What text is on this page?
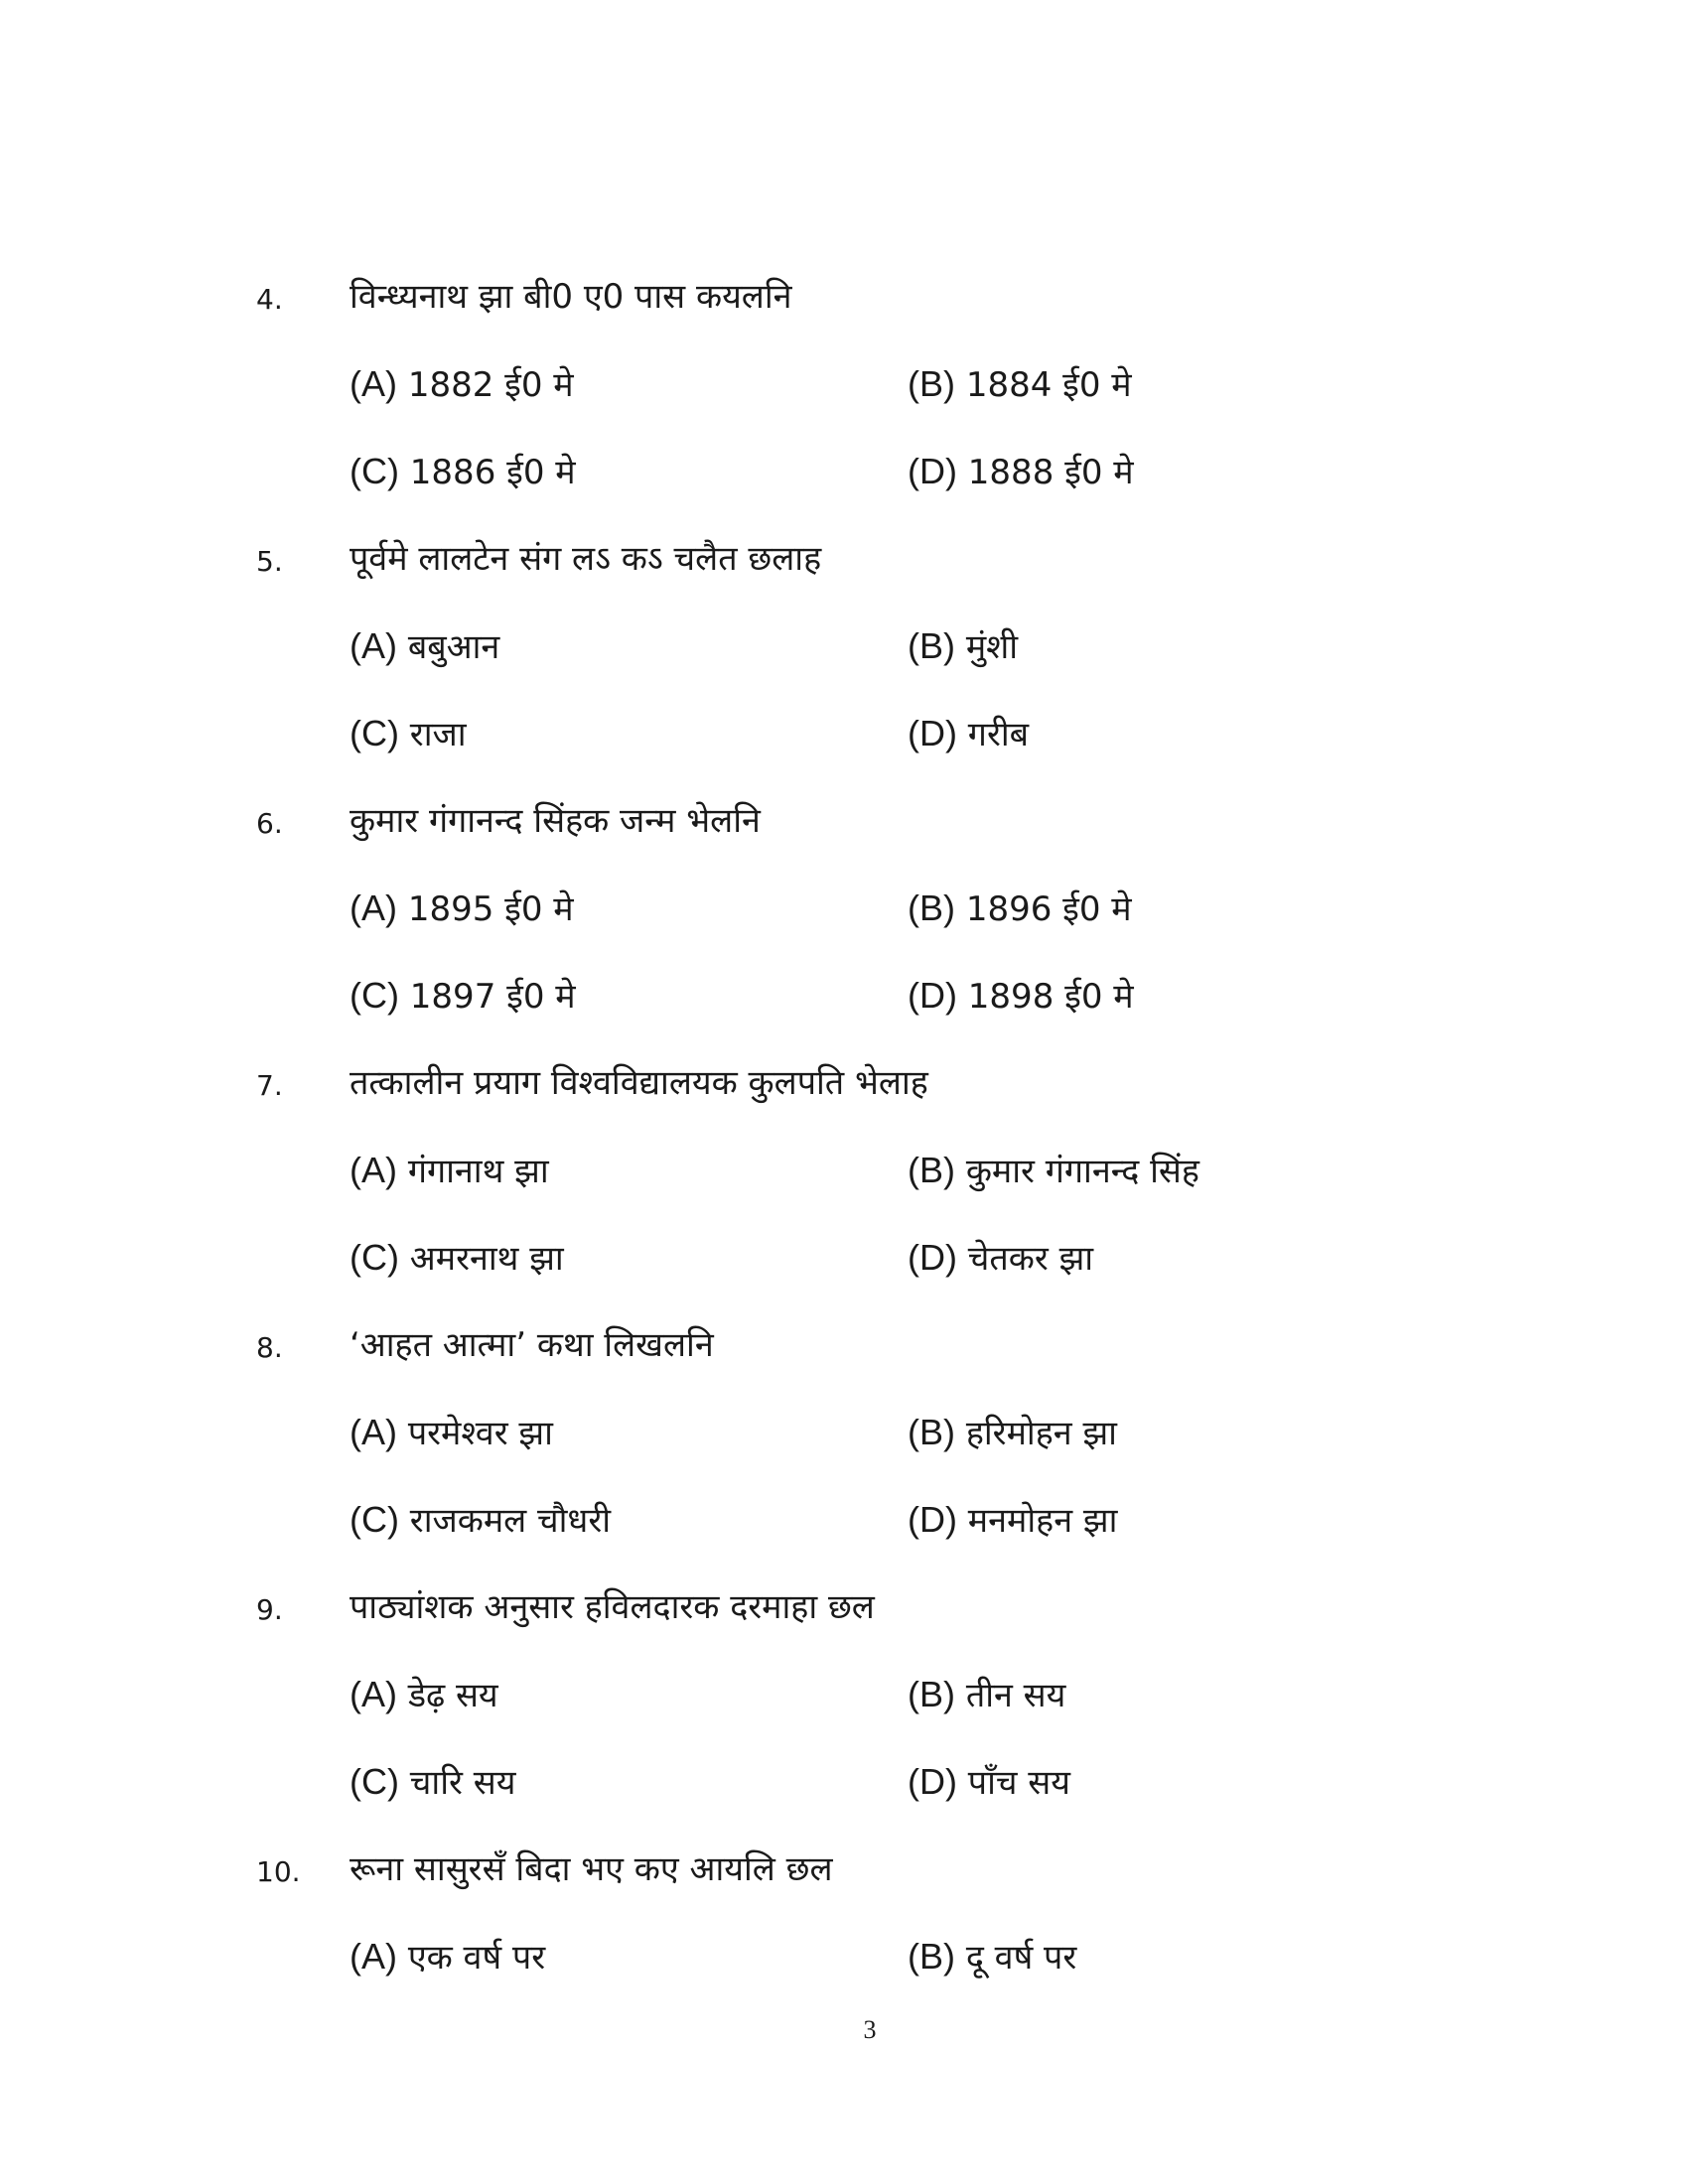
4. विन्ध्यनाथ झा बी0 ए0 पास कयलनि
(A) 1882 ई0 मे	(B) 1884 ई0 मे
(C) 1886 ई0 मे	(D) 1888 ई0 मे
5. पूर्वमे लालटेन संग लऽ कऽ चलैत छलाह
(A) बबुआन	(B) मुंशी
(C) राजा	(D) गरीब
6. कुमार गंगानन्द सिंहक जन्म भेलनि
(A) 1895 ई0 मे	(B) 1896 ई0 मे
(C) 1897 ई0 मे	(D) 1898 ई0 मे
7. तत्कालीन प्रयाग विश्वविद्यालयक कुलपति भेलाह
(A) गंगानाथ झा	(B) कुमार गंगानन्द सिंह
(C) अमरनाथ झा	(D) चेतकर झा
8. ‘आहत आत्मा’ कथा लिखलनि
(A) परमेश्वर झा	(B) हरिमोहन झा
(C) राजकमल चौधरी	(D) मनमोहन झा
9. पाठ्यांशक अनुसार हविलदारक दरमाहा छल
(A) डेढ़ सय	(B) तीन सय
(C) चारि सय	(D) पाँच सय
10. रूना सासुरसँ बिदा भए कए आयलि छल
(A) एक वर्ष पर	(B) दू वर्ष पर
3
